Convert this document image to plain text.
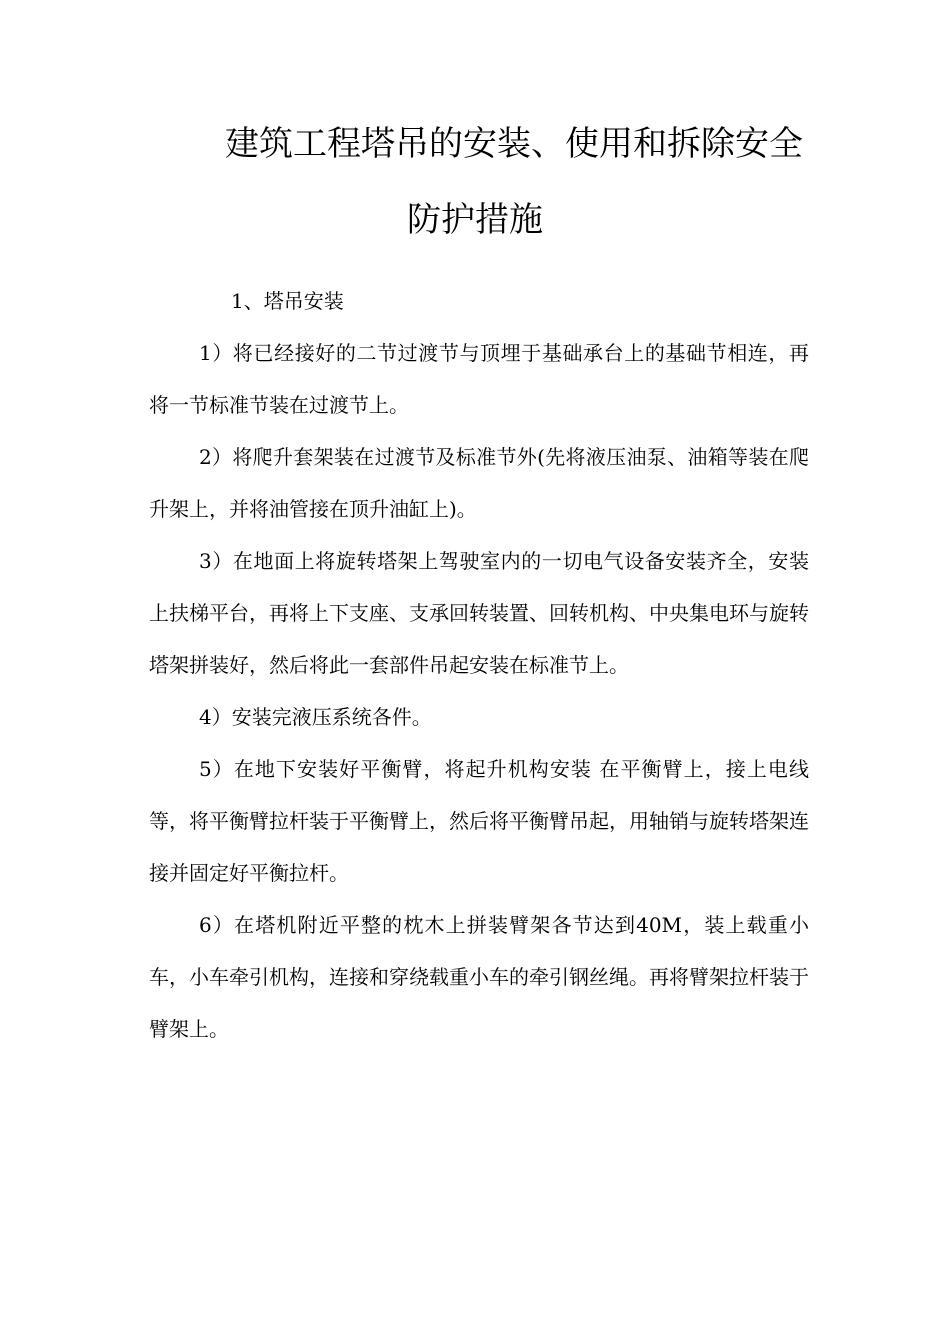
建筑工程塔吊的安装、使用和拆除安全
防护措施

1、塔吊安装

1）将已经接好的二节过渡节与顶埋于基础承台上的基础节相连，再将一节标准节装在过渡节上。

2）将爬升套架装在过渡节及标准节外(先将液压油泵、油箱等装在爬升架上，并将油管接在顶升油缸上)。

3）在地面上将旋转塔架上驾驶室内的一切电气设备安装齐全，安装上扶梯平台，再将上下支座、支承回转装置、回转机构、中央集电环与旋转塔架拼装好，然后将此一套部件吊起安装在标准节上。

4）安装完液压系统各件。

5）在地下安装好平衡臂，将起升机构安装 在平衡臂上，接上电线等，将平衡臂拉杆装于平衡臂上，然后将平衡臂吊起，用轴销与旋转塔架连接并固定好平衡拉杆。

6）在塔机附近平整的枕木上拼装臂架各节达到40M，装上载重小车，小车牵引机构，连接和穿绕载重小车的牵引钢丝绳。再将臂架拉杆装于臂架上。
